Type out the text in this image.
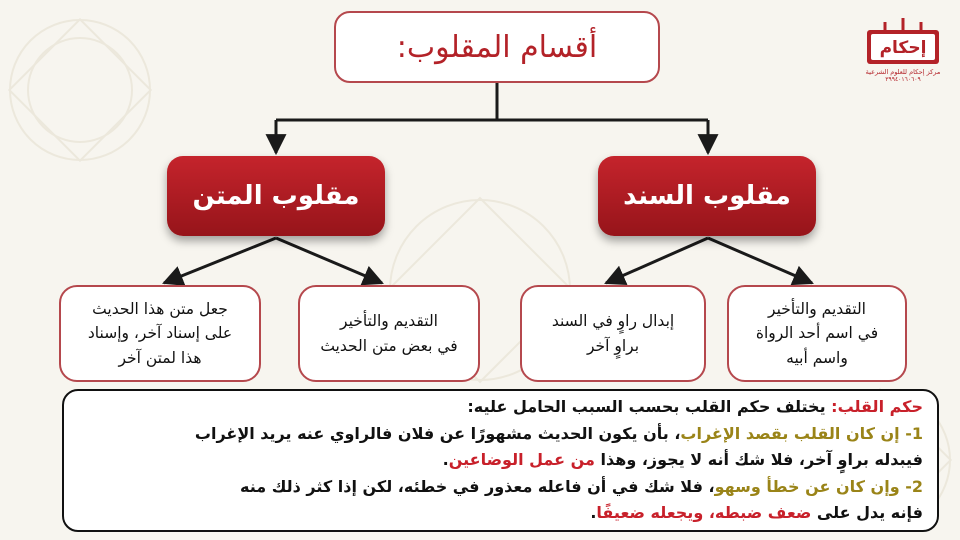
مركز إحكام للعلوم الشرعية
٣٩٩٤٠١٦٠٦٠٩
إحكام
أقسام المقلوب:
مقلوب السند
مقلوب المتن
التقديم والتأخير
في اسم أحد الرواة
واسم أبيه
إبدال راوٍ في السند
براوٍ آخر
التقديم والتأخير
في بعض متن الحديث
جعل متن هذا الحديث
على إسناد آخر، وإسناد
هذا لمتن آخر
حكم القلب: يختلف حكم القلب بحسب السبب الحامل عليه:
1- إن كان القلب بقصد الإغراب، بأن يكون الحديث مشهورًا عن فلان فالراوي عنه يريد الإغراب
فيبدله براوٍ آخر، فلا شك أنه لا يجوز، وهذا من عمل الوضاعين.
2- وإن كان عن خطأ وسهو، فلا شك في أن فاعله معذور في خطئه، لكن إذا كثر ذلك منه
فإنه يدل على ضعف ضبطه، ويجعله ضعيفًا.
